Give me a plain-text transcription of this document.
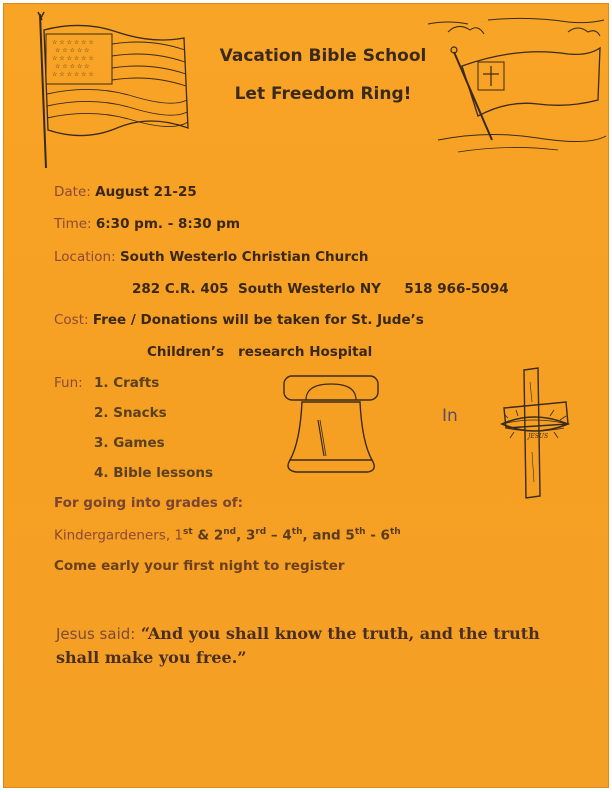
☆ ☆ ☆ ☆ ☆ ☆
☆ ☆ ☆ ☆ ☆
☆ ☆ ☆ ☆ ☆ ☆
☆ ☆ ☆ ☆ ☆
☆ ☆ ☆ ☆ ☆ ☆
Vacation Bible School
Let Freedom Ring!
Date: August 21-25
Time: 6:30 pm. - 8:30 pm
Location: South Westerlo Christian Church
282 C.R. 405  South Westerlo NY     518 966-5094
Cost: Free / Donations will be taken for St. Jude’s
Children’s   research Hospital
Fun: 1. Crafts
2. Snacks
3. Games
4. Bible lessons
In
JESUS
For going into grades of:
Kindergardeners, 1st & 2nd, 3rd – 4th, and 5th - 6th
Come early your first night to register
Jesus said: “And you shall know the truth, and the truth shall make you free.”
